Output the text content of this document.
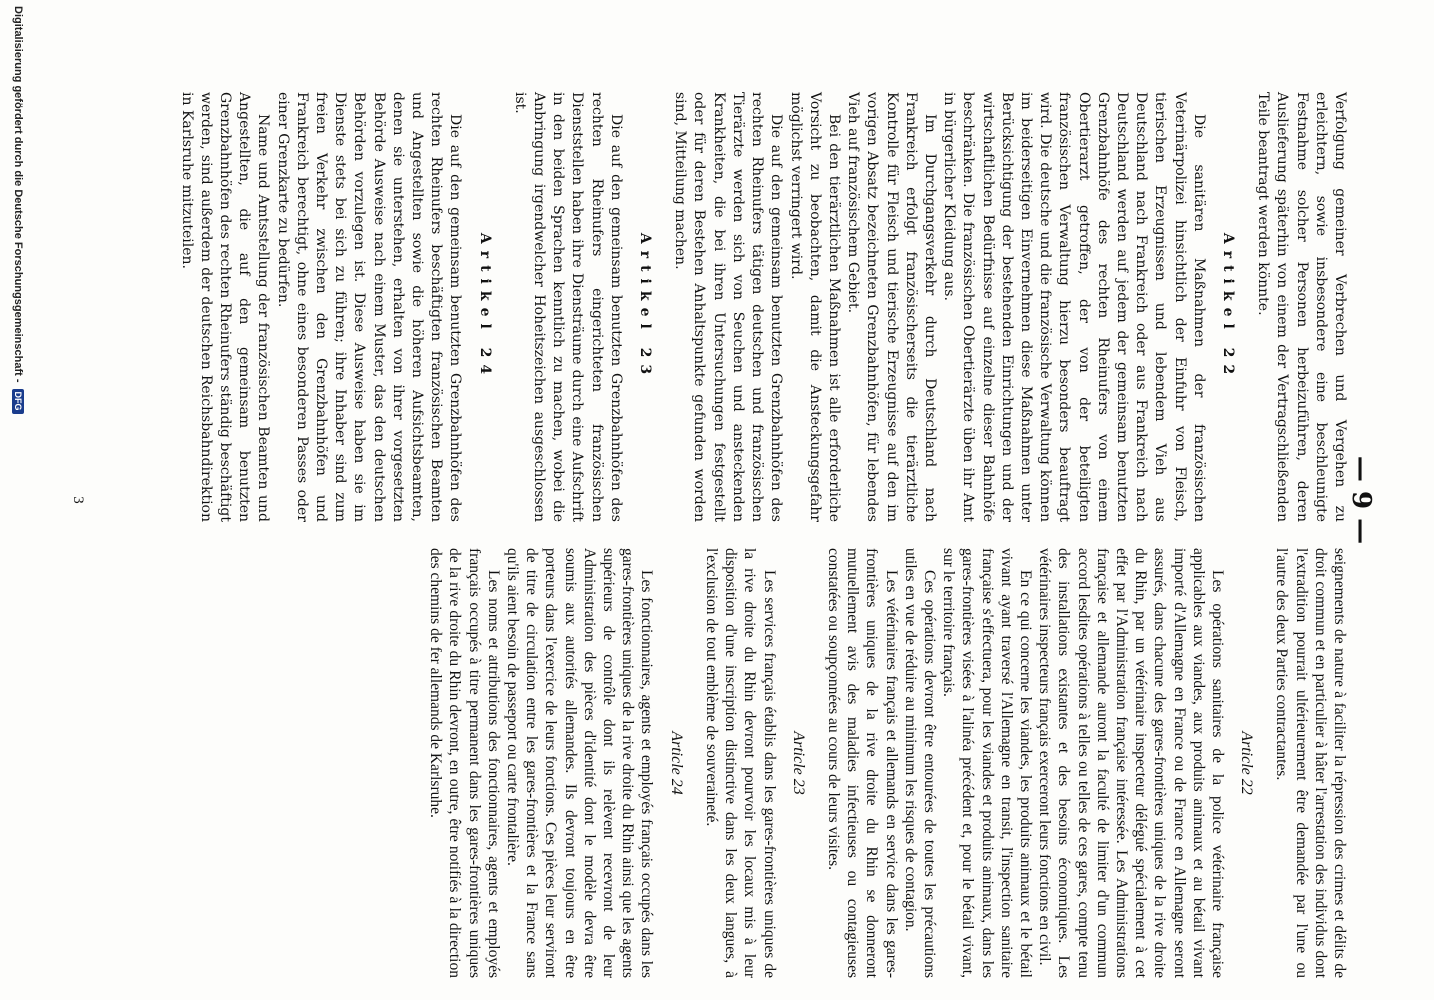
— 9 —

Verfolgung gemeiner Verbrechen und Vergehen zu erleichtern, sowie insbesondere eine beschleunigte Festnahme solcher Personen herbeizuführen, deren Auslieferung späterhin von einem der Vertragschließenden Teile beantragt werden könnte.

Artikel 22

Die sanitären Maßnahmen der französischen Veterinärpolizei hinsichtlich der Einfuhr von Fleisch, tierischen Erzeugnissen und lebendem Vieh aus Deutschland nach Frankreich oder aus Frankreich nach Deutschland werden auf jedem der gemeinsam benutzten Grenzbahnhöfe des rechten Rheinufers von einem Obertierarzt getroffen, der von der beteiligten französischen Verwaltung hierzu besonders beauftragt wird. Die deutsche und die französische Verwaltung können im beiderseitigen Einvernehmen diese Maßnahmen unter Berücksichtigung der bestehenden Einrichtungen und der wirtschaftlichen Bedürfnisse auf einzelne dieser Bahnhöfe beschränken. Die französischen Obertierärzte üben ihr Amt in bürgerlicher Kleidung aus.

Im Durchgangsverkehr durch Deutschland nach Frankreich erfolgt französischerseits die tierärztliche Kontrolle für Fleisch und tierische Erzeugnisse auf den im vorigen Absatz bezeichneten Grenzbahnhöfen, für lebendes Vieh auf französischem Gebiet.

Bei den tierärztlichen Maßnahmen ist alle erforderliche Vorsicht zu beobachten, damit die Ansteckungsgefahr möglichst verringert wird.

Die auf den gemeinsam benutzten Grenzbahnhöfen des rechten Rheinufers tätigen deutschen und französischen Tierärzte werden sich von Seuchen und ansteckenden Krankheiten, die bei ihren Untersuchungen festgestellt oder für deren Bestehen Anhaltspunkte gefunden worden sind, Mitteilung machen.

Artikel 23

Die auf den gemeinsam benutzten Grenzbahnhöfen des rechten Rheinufers eingerichteten französischen Dienststellen haben ihre Diensträume durch eine Aufschrift in den beiden Sprachen kenntlich zu machen, wobei die Anbringung irgendwelcher Hoheitszeichen ausgeschlossen ist.

Artikel 24

Die auf den gemeinsam benutzten Grenzbahnhöfen des rechten Rheinufers beschäftigten französischen Beamten und Angestellten sowie die höheren Aufsichtsbeamten, denen sie unterstehen, erhalten von ihrer vorgesetzten Behörde Ausweise nach einem Muster, das den deutschen Behörden vorzulegen ist. Diese Ausweise haben sie im Dienste stets bei sich zu führen; ihre Inhaber sind zum freien Verkehr zwischen den Grenzbahnhöfen und Frankreich berechtigt, ohne eines besonderen Passes oder einer Grenzkarte zu bedürfen.

Name und Amtsstellung der französischen Beamten und Angestellten, die auf den gemeinsam benutzten Grenzbahnhöfen des rechten Rheinufers ständig beschäftigt werden, sind außerdem der deutschen Reichsbahndirektion in Karlsruhe mitzuteilen.

seignements de nature à faciliter la répression des crimes et délits de droit commun et en particulier à hâter l'arrestation des individus dont l'extradition pourrait ultérieurement être demandée par l'une ou l'autre des deux Parties contractantes.

Article 22

Les opérations sanitaires de la police vétérinaire française applicables aux viandes, aux produits animaux et au bétail vivant importé d'Allemagne en France ou de France en Allemagne seront assurés, dans chacune des gares-frontières uniques de la rive droite du Rhin, par un vétérinaire inspecteur délégué spécialement à cet effet par l'Administration française intéressée. Les Administrations française et allemande auront la faculté de limiter d'un commun accord lesdites opérations à telles ou telles de ces gares, compte tenu des installations existantes et des besoins économiques. Les vétérinaires inspecteurs français exerceront leurs fonctions en civil.

En ce qui concerne les viandes, les produits animaux et le bétail vivant ayant traversé l'Allemagne en transit, l'inspection sanitaire française s'effectuera, pour les viandes et produits animaux, dans les gares-frontières visées à l'alinéa précédent et, pour le bétail vivant, sur le territoire français.

Ces opérations devront être entourées de toutes les précautions utiles en vue de réduire au minimum les risques de contagion.

Les vétérinaires français et allemands en service dans les gares-frontières uniques de la rive droite du Rhin se donneront mutuellement avis des maladies infectieuses ou contagieuses constatées ou soupçonnées au cours de leurs visites.

Article 23

Les services français établis dans les gares-frontières uniques de la rive droite du Rhin devront pourvoir les locaux mis à leur disposition d'une inscription distinctive dans les deux langues, à l'exclusion de tout emblème de souveraineté.

Article 24

Les fonctionnaires, agents et employés français occupés dans les gares-frontières uniques de la rive droite du Rhin ainsi que les agents supérieurs de contrôle dont ils relèvent recevront de leur Administration des pièces d'identité dont le modèle devra être soumis aux autorités allemandes. Ils devront toujours en être porteurs dans l'exercice de leurs fonctions. Ces pièces leur serviront de titre de circulation entre les gares-frontières et la France sans qu'ils aient besoin de passeport ou carte frontalière.

Les noms et attributions des fonctionnaires, agents et employés français occupés à titre permanent dans les gares-frontières uniques de la rive droite du Rhin devront, en outre, être notifiés à la direction des chemins de fer allemands de Karlsruhe.

3
Digitalisierung gefördert durch die Deutsche Forschungsgemeinschaft -
DFG
